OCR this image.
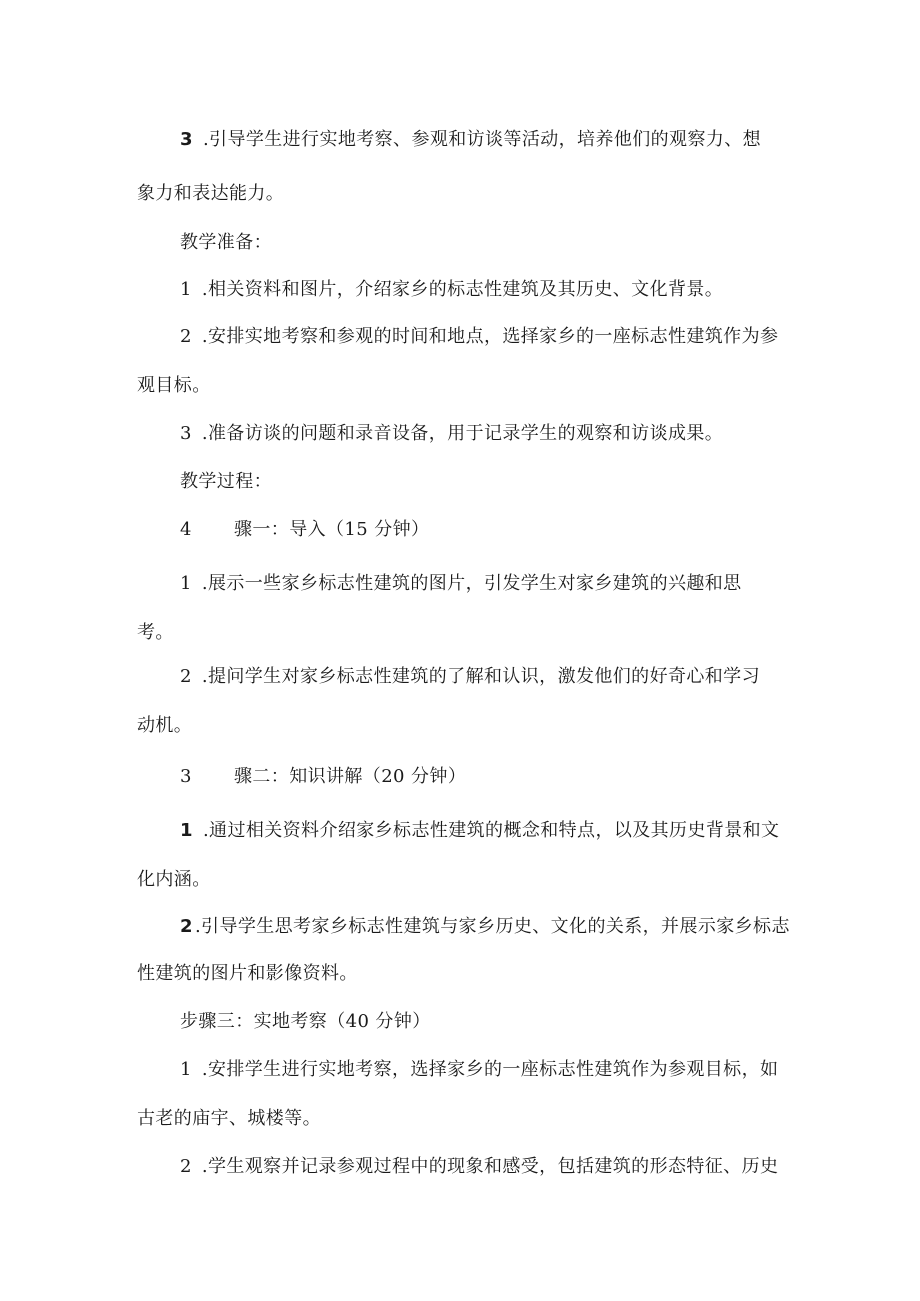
3 .引导学生进行实地考察、参观和访谈等活动，培养他们的观察力、想
象力和表达能力。
教学准备：
1 .相关资料和图片，介绍家乡的标志性建筑及其历史、文化背景。
2 .安排实地考察和参观的时间和地点，选择家乡的一座标志性建筑作为参
观目标。
3 .准备访谈的问题和录音设备，用于记录学生的观察和访谈成果。
教学过程：
4 骤一：导入（15 分钟）
1 .展示一些家乡标志性建筑的图片，引发学生对家乡建筑的兴趣和思
考。
2 .提问学生对家乡标志性建筑的了解和认识，激发他们的好奇心和学习
动机。
3 骤二：知识讲解（20 分钟）
1 .通过相关资料介绍家乡标志性建筑的概念和特点，以及其历史背景和文
化内涵。
2 .引导学生思考家乡标志性建筑与家乡历史、文化的关系，并展示家乡标志
性建筑的图片和影像资料。
步骤三：实地考察（40 分钟）
1 .安排学生进行实地考察，选择家乡的一座标志性建筑作为参观目标，如
古老的庙宇、城楼等。
2 .学生观察并记录参观过程中的现象和感受，包括建筑的形态特征、历史
